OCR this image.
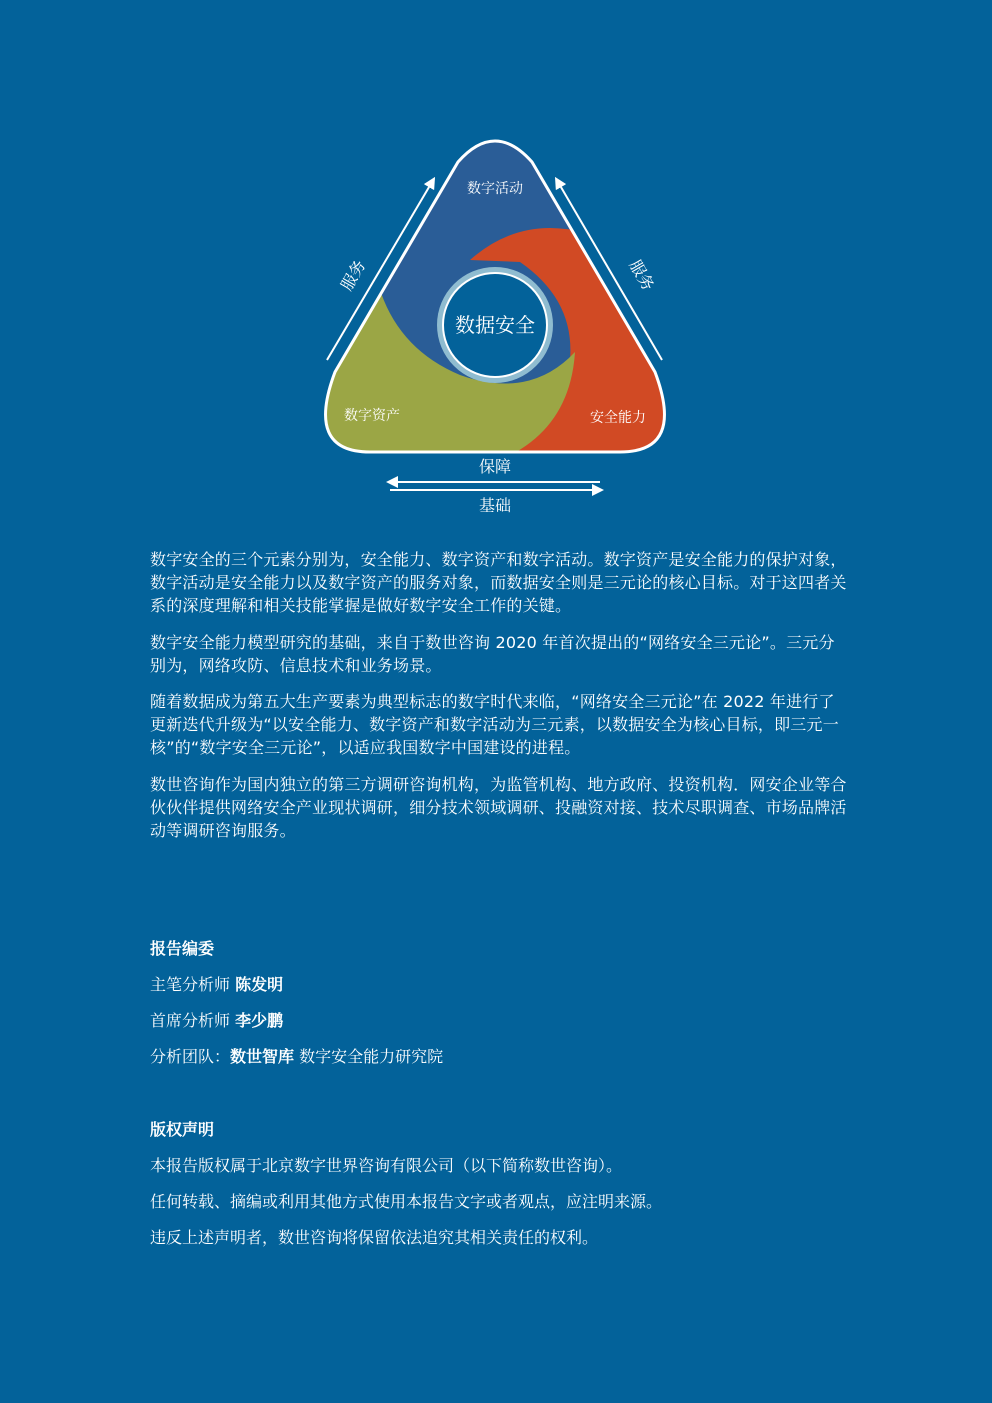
数据安全
数字活动
数字资产	安全能力
服务	服务
保障
基础

数字安全的三个元素分别为，安全能力、数字资产和数字活动。数字资产是安全能力的保护对象，数字活动是安全能力以及数字资产的服务对象，而数据安全则是三元论的核心目标。对于这四者关系的深度理解和相关技能掌握是做好数字安全工作的关键。

数字安全能力模型研究的基础，来自于数世咨询 2020 年首次提出的“网络安全三元论”。三元分别为，网络攻防、信息技术和业务场景。

随着数据成为第五大生产要素为典型标志的数字时代来临，“网络安全三元论”在 2022 年进行了更新迭代升级为“以安全能力、数字资产和数字活动为三元素，以数据安全为核心目标，即三元一核”的“数字安全三元论”，以适应我国数字中国建设的进程。

数世咨询作为国内独立的第三方调研咨询机构，为监管机构、地方政府、投资机构．网安企业等合伙伙伴提供网络安全产业现状调研，细分技术领域调研、投融资对接、技术尽职调查、市场品牌活动等调研咨询服务。

报告编委
主笔分析师 陈发明
首席分析师 李少鹏
分析团队：数世智库 数字安全能力研究院
版权声明
本报告版权属于北京数字世界咨询有限公司（以下简称数世咨询）。
任何转载、摘编或利用其他方式使用本报告文字或者观点，应注明来源。
违反上述声明者，数世咨询将保留依法追究其相关责任的权利。
